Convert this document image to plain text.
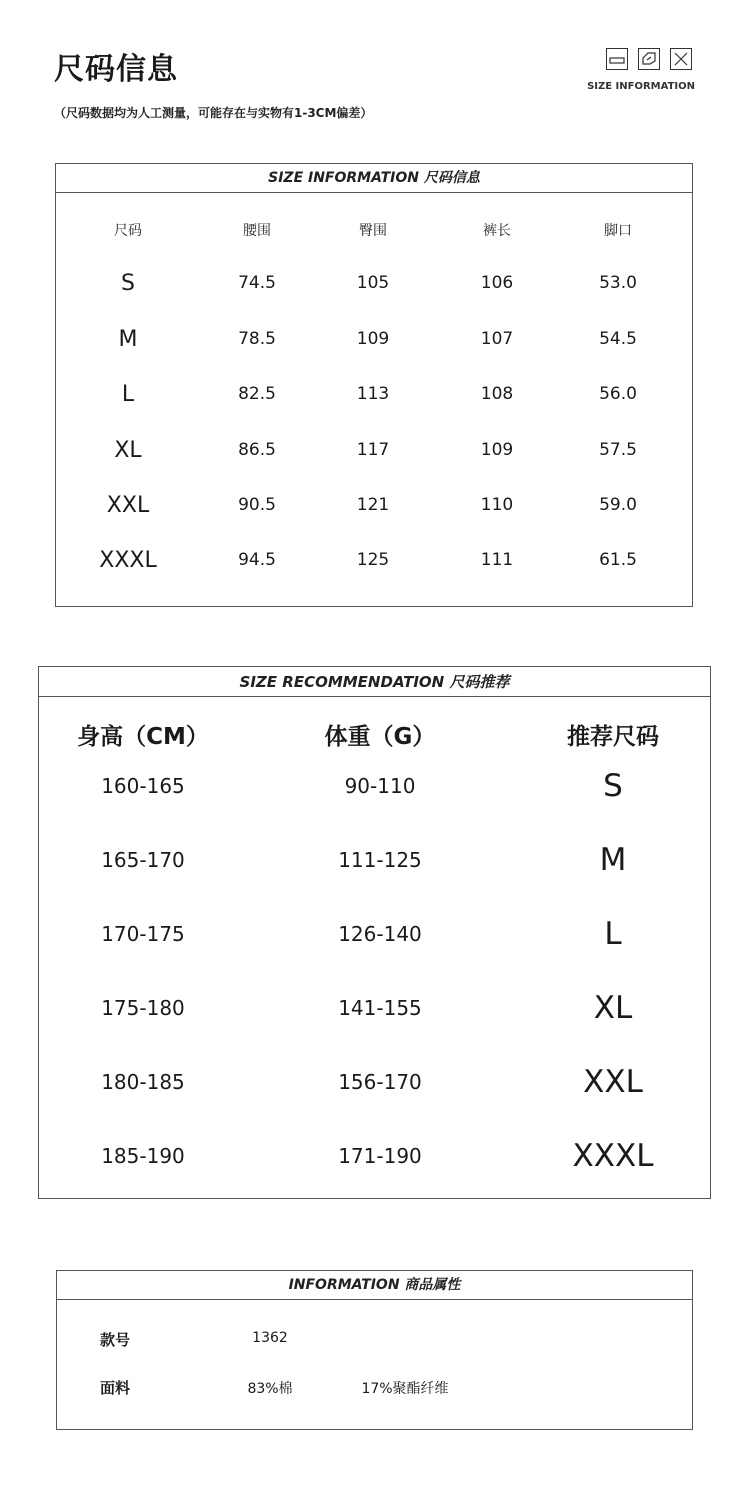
尺码信息
（尺码数据均为人工测量，可能存在与实物有1-3CM偏差）
SIZE INFORMATION
SIZE INFORMATION 尺码信息
尺码	腰围	臀围	裤长	脚口
S	74.5	105	106	53.0
M	78.5	109	107	54.5
L	82.5	113	108	56.0
XL	86.5	117	109	57.5
XXL	90.5	121	110	59.0
XXXL	94.5	125	111	61.5
SIZE RECOMMENDATION 尺码推荐
身高（CM）	体重（G）	推荐尺码
160-165	90-110	S
165-170	111-125	M
170-175	126-140	L
175-180	141-155	XL
180-185	156-170	XXL
185-190	171-190	XXXL
INFORMATION 商品属性
款号	1362
面料	83%棉	17%聚酯纤维
